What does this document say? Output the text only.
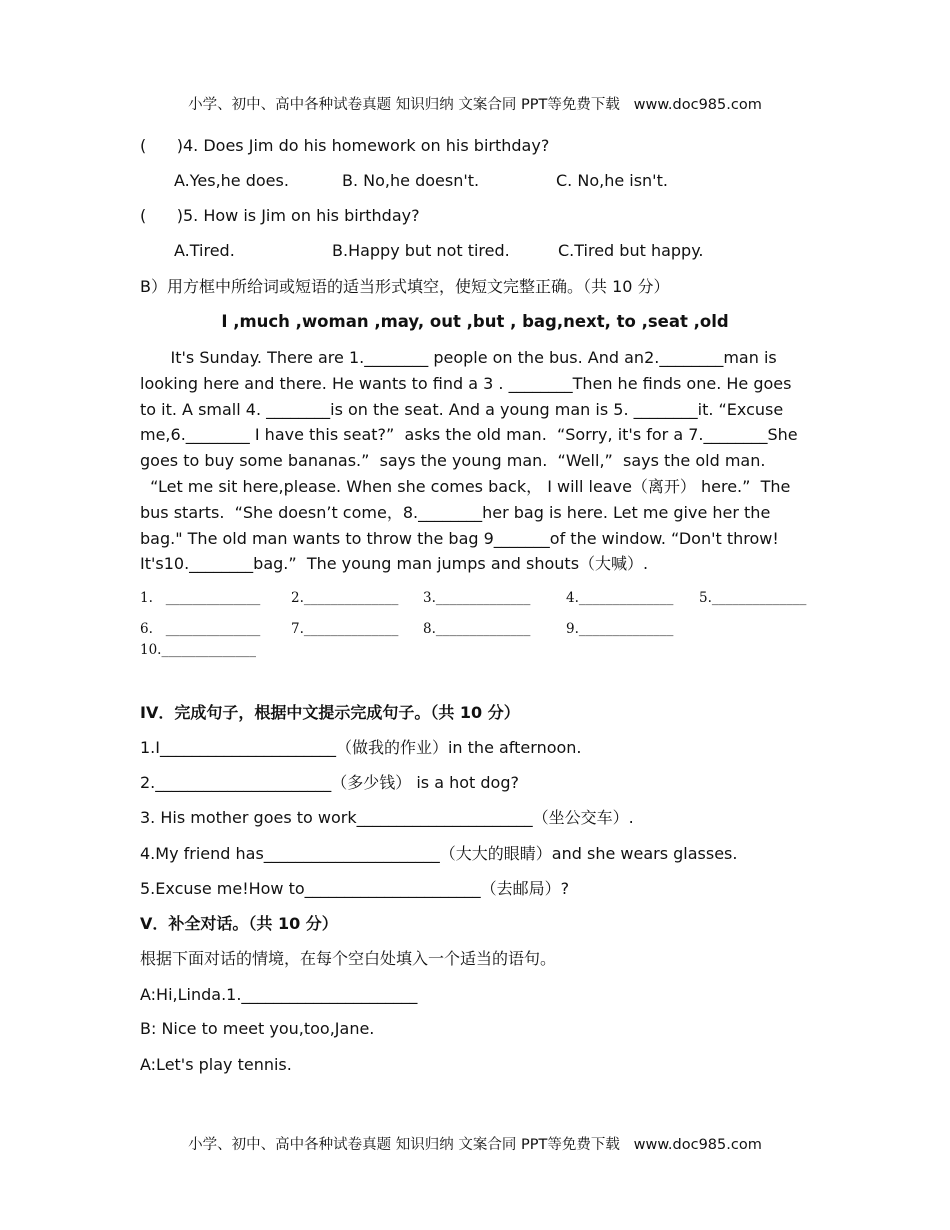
小学、初中、高中各种试卷真题 知识归纳 文案合同 PPT等免费下载   www.doc985.com
(      )4. Does Jim do his homework on his birthday?
A.Yes,he does.	B. No,he doesn't.	C. No,he isn't.
(      )5. How is Jim on his birthday?
A.Tired.	B.Happy but not tired.	C.Tired but happy.
B）用方框中所给词或短语的适当形式填空，使短文完整正确。（共 10 分）
I ,much ,woman ,may, out ,but , bag,next, to ,seat ,old
It's Sunday. There are 1.________ people on the bus. And an2.________man is
looking here and there. He wants to find a 3 . ________Then he finds one. He goes
to it. A small 4. ________is on the seat. And a young man is 5. ________it. “Excuse
me,6.________ I have this seat?”  asks the old man.  “Sorry, it's for a 7.________She
goes to buy some bananas.”  says the young man.  “Well,”  says the old man.
“Let me sit here,please. When she comes back， I will leave（离开） here.”  The
bus starts.  “She doesn’t come，8.________her bag is here. Let me give her the
bag." The old man wants to throw the bag 9_______of the window. “Don't throw!
It's10.________bag.”  The young man jumps and shouts（大喊）.
1.   ______________ 2.______________ 3.______________	4.______________ 5.______________
6.   ______________ 7.______________ 8.______________	9.______________
10.______________
IV．完成句子，根据中文提示完成句子。（共 10 分）
1.I______________________（做我的作业）in the afternoon.
2.______________________（多少钱） is a hot dog?
3. His mother goes to work______________________（坐公交车）.
4.My friend has______________________（大大的眼睛）and she wears glasses.
5.Excuse me!How to______________________（去邮局）?
V．补全对话。（共 10 分）
根据下面对话的情境，在每个空白处填入一个适当的语句。
A:Hi,Linda.1.______________________
B: Nice to meet you,too,Jane.
A:Let's play tennis.
小学、初中、高中各种试卷真题 知识归纳 文案合同 PPT等免费下载   www.doc985.com
